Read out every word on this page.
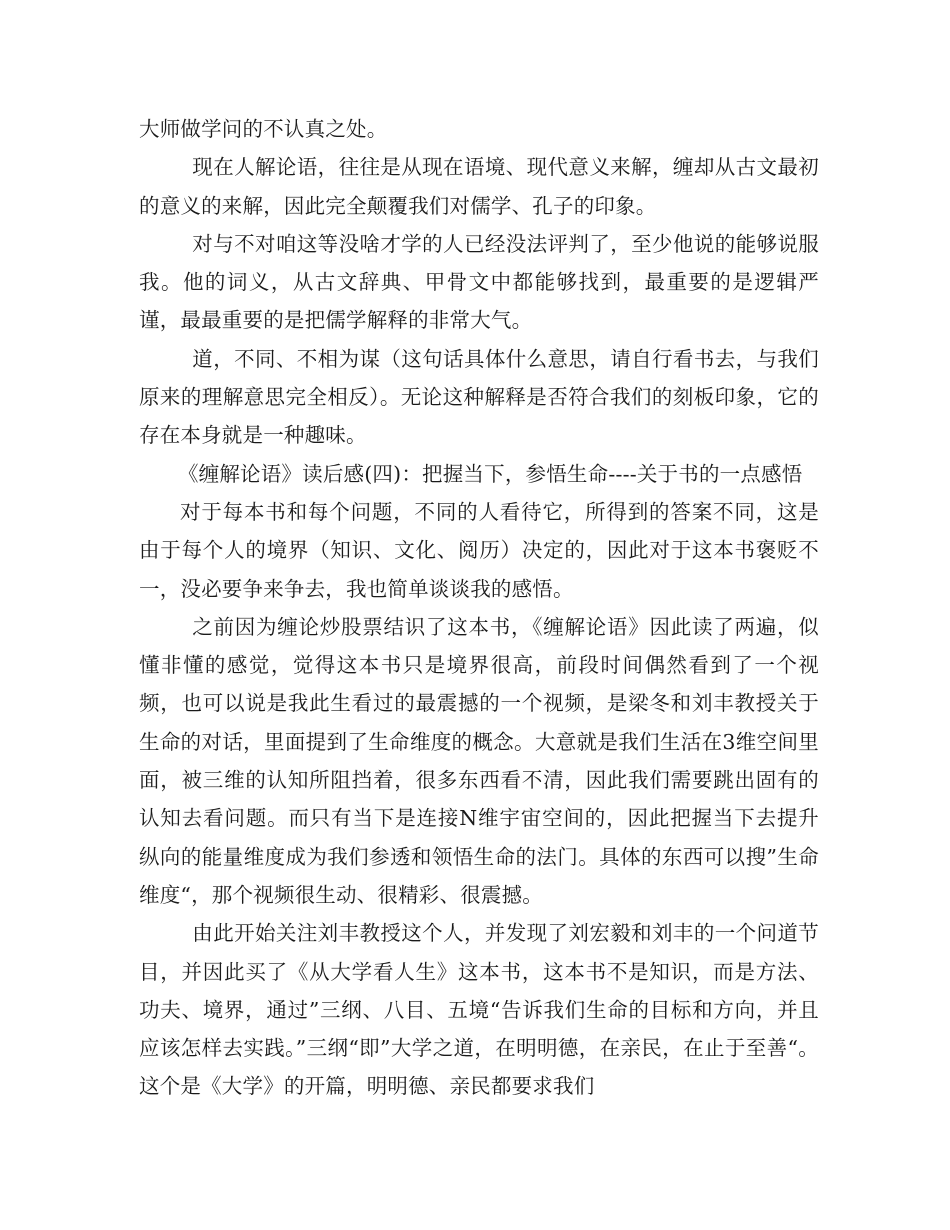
大师做学问的不认真之处。

现在人解论语，往往是从现在语境、现代意义来解，缠却从古文最初的意义的来解，因此完全颠覆我们对儒学、孔子的印象。

对与不对咱这等没啥才学的人已经没法评判了，至少他说的能够说服我。他的词义，从古文辞典、甲骨文中都能够找到，最重要的是逻辑严谨，最最重要的是把儒学解释的非常大气。

道，不同、不相为谋（这句话具体什么意思，请自行看书去，与我们原来的理解意思完全相反）。无论这种解释是否符合我们的刻板印象，它的存在本身就是一种趣味。

《缠解论语》读后感(四)：把握当下，参悟生命----关于书的一点感悟

对于每本书和每个问题，不同的人看待它，所得到的答案不同，这是由于每个人的境界（知识、文化、阅历）决定的，因此对于这本书褒贬不一，没必要争来争去，我也简单谈谈我的感悟。

之前因为缠论炒股票结识了这本书，《缠解论语》因此读了两遍，似懂非懂的感觉，觉得这本书只是境界很高，前段时间偶然看到了一个视频，也可以说是我此生看过的最震撼的一个视频，是梁冬和刘丰教授关于生命的对话，里面提到了生命维度的概念。大意就是我们生活在3维空间里面，被三维的认知所阻挡着，很多东西看不清，因此我们需要跳出固有的认知去看问题。而只有当下是连接N维宇宙空间的，因此把握当下去提升纵向的能量维度成为我们参透和领悟生命的法门。具体的东西可以搜”生命维度“，那个视频很生动、很精彩、很震撼。

由此开始关注刘丰教授这个人，并发现了刘宏毅和刘丰的一个问道节目，并因此买了《从大学看人生》这本书，这本书不是知识，而是方法、功夫、境界，通过”三纲、八目、五境“告诉我们生命的目标和方向，并且应该怎样去实践。”三纲“即”大学之道，在明明德，在亲民，在止于至善“。这个是《大学》的开篇，明明德、亲民都要求我们
